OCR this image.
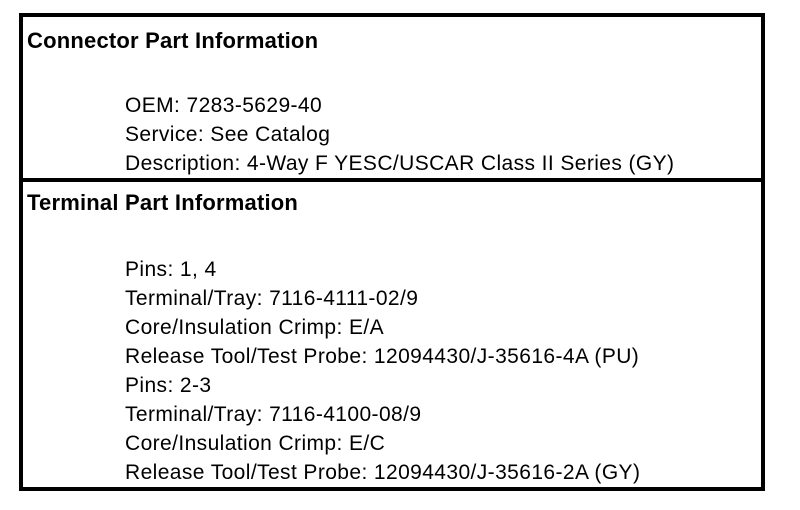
Connector Part Information
OEM: 7283-5629-40
Service: See Catalog
Description: 4-Way F YESC/USCAR Class II Series (GY)
Terminal Part Information
Pins: 1, 4
Terminal/Tray: 7116-4111-02/9
Core/Insulation Crimp: E/A
Release Tool/Test Probe: 12094430/J-35616-4A (PU)
Pins: 2-3
Terminal/Tray: 7116-4100-08/9
Core/Insulation Crimp: E/C
Release Tool/Test Probe: 12094430/J-35616-2A (GY)
